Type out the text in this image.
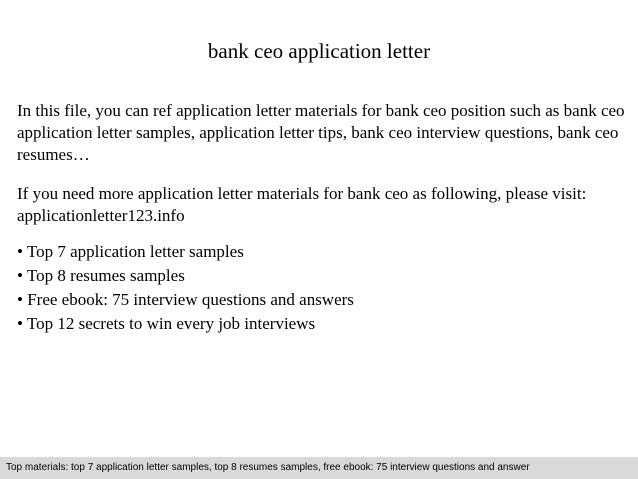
bank ceo application letter

In this file, you can ref application letter materials for bank ceo position such as bank ceo application letter samples, application letter tips, bank ceo interview questions, bank ceo resumes…

If you need more application letter materials for bank ceo as following, please visit: applicationletter123.info

• Top 7 application letter samples
• Top 8 resumes samples
• Free ebook: 75 interview questions and answers
• Top 12 secrets to win every job interviews
Top materials: top 7 application letter samples, top 8 resumes samples, free ebook: 75 interview questions and answer
